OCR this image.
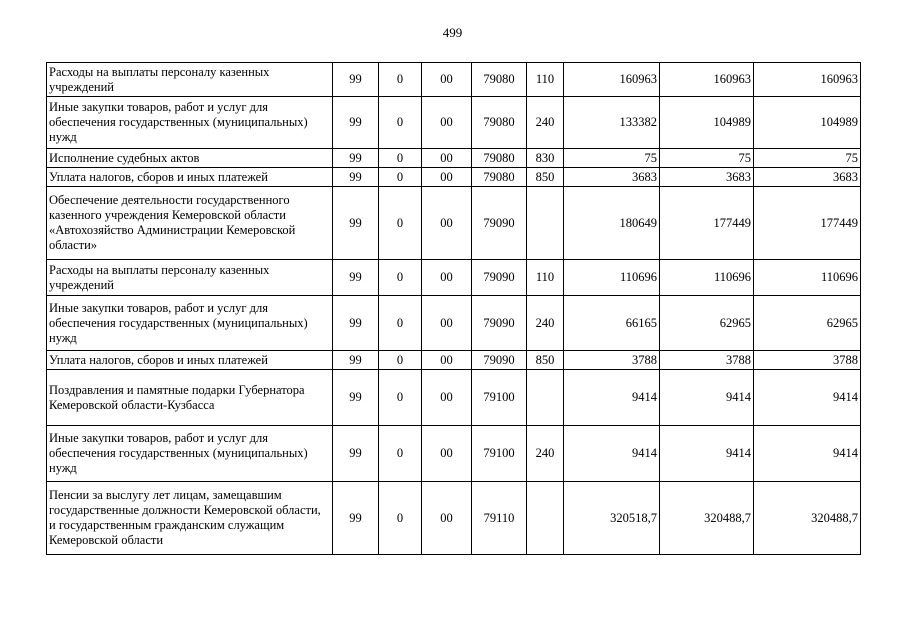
499
Расходы на выплаты персоналу казенных учреждений	99	0	00	79080	110	160963	160963	160963
Иные закупки товаров, работ и услуг для обеспечения государственных (муниципальных) нужд	99	0	00	79080	240	133382	104989	104989
Исполнение судебных актов	99	0	00	79080	830	75	75	75
Уплата налогов, сборов и иных платежей	99	0	00	79080	850	3683	3683	3683
Обеспечение деятельности государственного казенного учреждения Кемеровской области «Автохозяйство Администрации Кемеровской области»	99	0	00	79090		180649	177449	177449
Расходы на выплаты персоналу казенных учреждений	99	0	00	79090	110	110696	110696	110696
Иные закупки товаров, работ и услуг для обеспечения государственных (муниципальных) нужд	99	0	00	79090	240	66165	62965	62965
Уплата налогов, сборов и иных платежей	99	0	00	79090	850	3788	3788	3788
Поздравления и памятные подарки Губернатора Кемеровской области-Кузбасса	99	0	00	79100		9414	9414	9414
Иные закупки товаров, работ и услуг для обеспечения государственных (муниципальных) нужд	99	0	00	79100	240	9414	9414	9414
Пенсии за выслугу лет лицам, замещавшим государственные должности Кемеровской области, и государственным гражданским служащим Кемеровской области	99	0	00	79110		320518,7	320488,7	320488,7
